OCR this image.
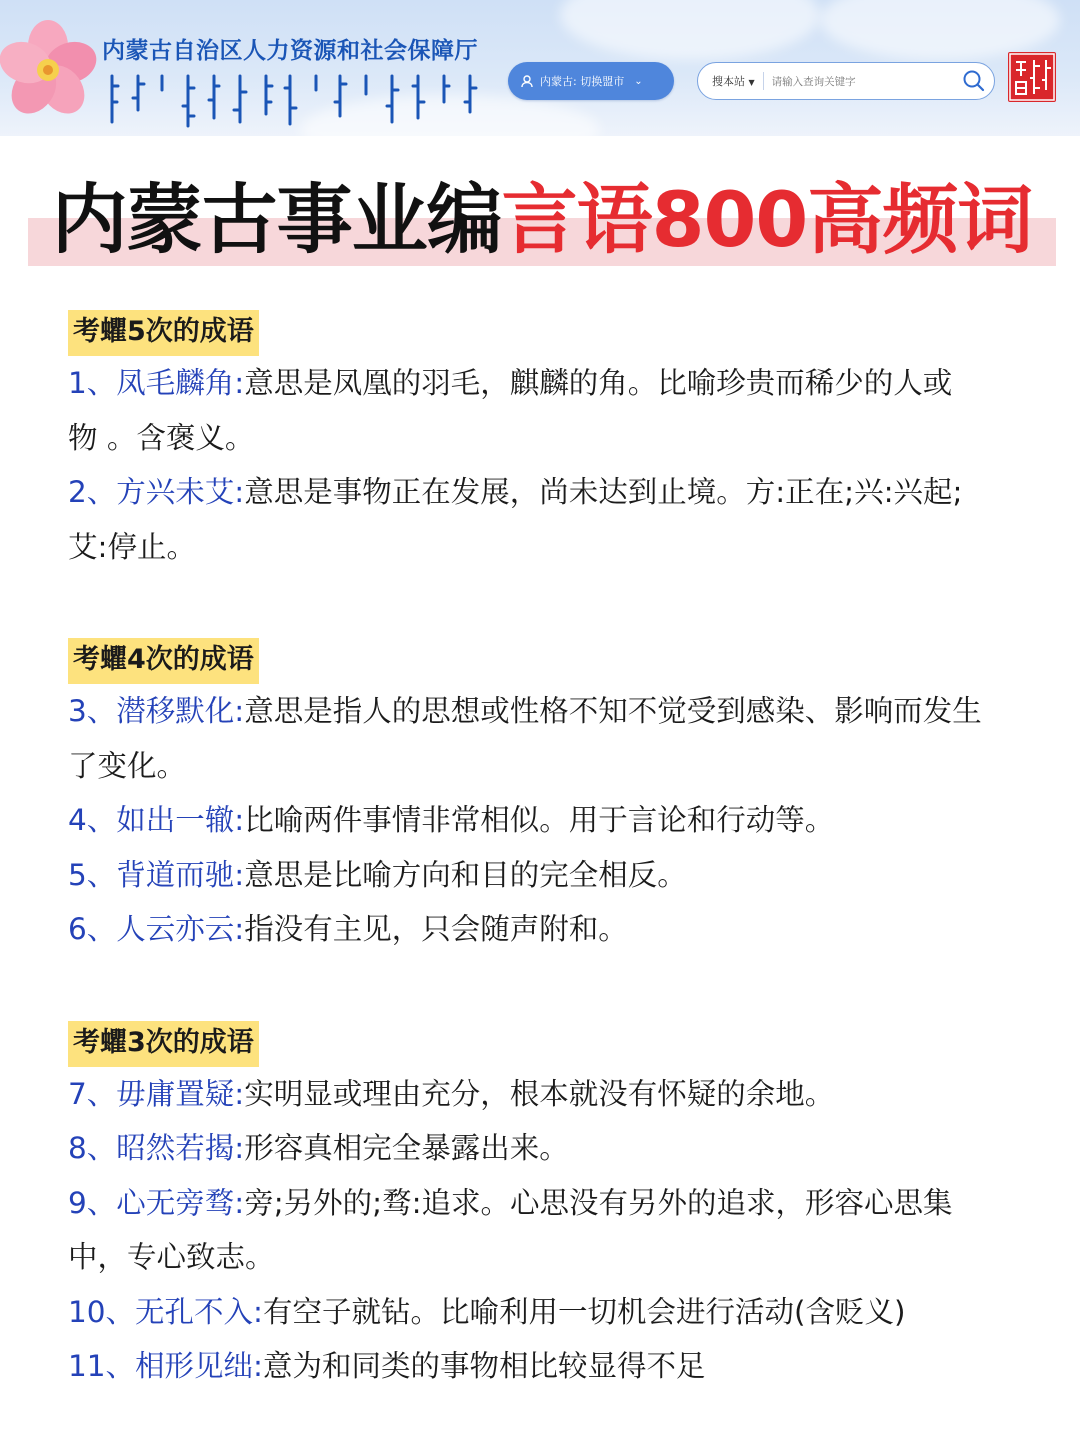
内蒙古自治区人力资源和社会保障厅
内蒙古: 切换盟市 ⌄	搜本站 ▼ 请输入查询关键字
内蒙古事业编言语800高频词
考蠷5次的成语

1、凤毛麟角:意思是凤凰的羽毛，麒麟的角。比喻珍贵而稀少的人或
物 。含褒义。

2、方兴未艾:意思是事物正在发展，尚未达到止境。方:正在;兴:兴起;
艾:停止。

考蠷4次的成语

3、潜移默化:意思是指人的思想或性格不知不觉受到感染、影响而发生
了变化。

4、如出一辙:比喻两件事情非常相似。用于言论和行动等。

5、背道而驰:意思是比喻方向和目的完全相反。

6、人云亦云:指没有主见，只会随声附和。

考蠷3次的成语

7、毋庸置疑:实明显或理由充分，根本就没有怀疑的余地。

8、昭然若揭:形容真相完全暴露出来。

9、心无旁骛:旁;另外的;骛:追求。心思没有另外的追求，形容心思集
中，专心致志。

10、无孔不入:有空子就钻。比喻利用一切机会进行活动(含贬义)

11、相形见绌:意为和同类的事物相比较显得不足
